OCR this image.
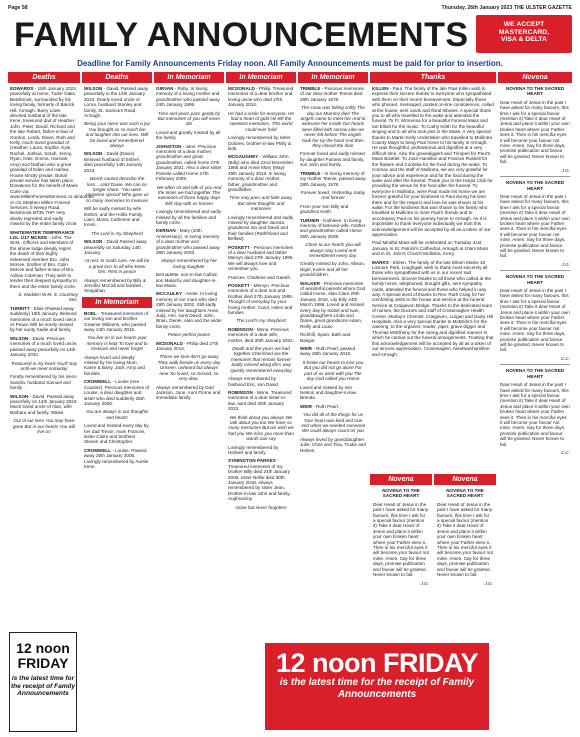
Page 58	Thursday, 26th January 2023 THE ULSTER GAZETTE
FAMILY ANNOUNCEMENTS	WE ACCEPT
MASTERCARD,
VISA & DELTA
Deadline for Family Announcements Friday noon. All Family Announcements must be paid for prior to insertion.
Deaths

EDWARDS - 15th January 2023, peacefully at home, Tudor Oaks, Bessbrook, surrounded by his loving family, formerly of Bairick Hill, Armagh. Barry Lowe devoted husband of the late Irene, treasured dad of Heather, John, Peter, David, Richard and the late Robert, father-in-law of Gordon, Linda, Diane, Ruth and Kelly, much loved grandad of (Heather, Laura, Sophie, Kyle, Rachel, Joshua, Sarah, Jenny, Ryan, Kate, Emma, Hannah, Amy) and Nathan also a great grandad of Eden and Harlow. House strictly private. Burial private service has taken place. Donations for the benefit of Marie Curie via: www.MillenFuneralServices.co.uk/donate or c/o Stephen Millen Funeral Services, 5 Newry Road, Bessbrook BT35 7HP. Very dearly regretted and sadly missed by the entire family circle.

WHITEWATER TEMPERANCE LOL 1/17 MCKEE - John. The W.M., Officers and Members of the above lodge deeply regret the death of their highly esteemed member Bro. John McKee, brother of Bro. Colin McKee and father-in-law of Bro. Adrian Coleman. They wish to tender their deepest sympathy to them and the entire family circle.

S. Madden W.M. S. Courtney Sec.

TURBITT - Elsie (Passed away suddenly) 16th January. Beloved memories of a much loved niece. At Peace Will be sorely missed by her aunty Sadie and family.

WILSON - Davie. Precious memories of a much loved uncle, passed away peacefully on 14th January 2023.

Treasured in my heart You'll stay until we meet someday

Fondly remembered by his niece Sandra, husband Samuel and family.

WILSON - David. Passed away peacefully on 14th January 2023. Much loved uncle of Alan, wife Barbara and family, Wales.

Out of our lives You may have gone But in our hearts You will live on

12 noon FRIDAY
is the latest time for the receipt of Family Announcements
Deaths

WILSON - David. Passed away peacefully in the 14th January 2023. Dearly loved uncle of Lorna, husband Stanley and family, St. Saviours Road, Armagh.

Being your niece was such a joy You brought us so much fun and laughter into our lives. Will be loved and remembered always

WILSON - David (Davie) Beloved husband of Esther, died peacefully 14th January 2023.

Words cannot describe the loss... Until Davie, We can no longer share. 'You were someone special' Who gave us so many memories to treasure

Will be sadly missed by wife Esther, and the Hollis Family, Liam, Moira, Catherine and Kevin.

The Lord is my Shepherd

WILSON - David Passed away peacefully on Saturday 14th January.

At rest. In Gods care. He will be a great loss to all who knew him. Rest in peace

Always remembered by Billy & Jennifer McCall and families, Seagahan.

In Memoriam

BOEL - Treasured memories of our loving son and brother Graeme Williams, who passed away 24th January 2015.

You live on in our hearts your memory is kept To love and to treasure and never forget

Always loved and deeply missed by his loving Mum, Karen & Barry, Jack, Amy and families.

CROMWELL - Louise (nee Cousins). Precious memories of Louise, a dear daughter and sister who died suddenly 25th January 2006.

You are always in our thoughts and hearts

Loved and missed every day by her dad Trevor, mum Frances, sister Claire and brothers Steven and Christopher.

CROMWELL - Louise. Passed away 25th January 2006. Lovingly remembered by Auntie Irene.

In Memoriam

GIRVAN - Ruby. In loving memory of a loving mother and grandmother who passed away 24th January 1995.

Time and years pass gently by But memories of you will never die

Loved and greatly missed by all the family.

JOHNSTON - Jane. Precious memories of a dear mother, grandmother and great grandmother, called home 27th January 2021. Also a dear sister Pamela called Home 27th February 2009.

We often sit and talk of you And the times we had together The memories of those happy days Will stay with us forever

Lovingly remembered and sadly missed by all the families and family circle.

KERNAN - Mary (20th Anniversary). In loving memory of a dear mother and grandmother who passed away 29th January 2003.

Always remembered by her loving daughter

Bernadette, son-in-law Cathal, son Malachy and daughter-in-law Maria.

MCCAULEY - Annie. In loving memory of our mum who died 29th January 2002. Still sadly missed by her daughters Anne, Judy, Ann, sons David, John, Brian, Derek, Alan and the wider family circle.

Peace perfect peace

MCDONALD - Philip died 27th January 2014.

Those we love don't go away They walk beside us every day Unseen, unheard but always near So loved, so missed, so very dear.

Always remembered by Dad Jackson, June, Aunt Florrie and immediate family.

In Memoriam

MCDONALD - Philip. Treasured memories of a dear brother and loving uncle who died 27th January 2014.

He had a smile for everyone, He had a heart of gold He left the sweetest memories, This world could ever hold

Lovingly remembered by sister Dolores, brother-in-law Philly & kids.

MCGAUGHEY - William John (Billy) who died 22nd December 1988 and Annie Mary (May) 29th January 2018. In loving memory of a dear mother, father, grandmother and grandfather.

Time may pass and fade away, But silent thoughts and memories

Lovingly remembered and sadly missed by daughter Jacinta, grandsons Ian and David and their families (Rathfriland and Belfast).

POSKETT - Precious memories of a dear husband and father Mervyn died 27th January 1995. We will always love and remember you.

Frances, Charlene and Gareth.

POSKETT - Mervyn. Precious memories of a dear son and brother died 27th January 1995. Thought of everyday by your loving mother, Carol, Helen and families.

The Lord's my shepherd

ROBINSON - Mona. Precious memories of a dear wife, mother, died 30th January 2022.

Death and the years we had together Cherished are the memories that remain forever Sadly missed along life's way Quietly remembered everyday

Always remembered by husband Eric, son David.

ROBINSON - Mona. Treasured memories of a dear sister-in-law, aunt died 30th January 2022.

We think about you always We talk about you too We have so many memories But we wish we had you We miss you more than words can say

Lovingly remembered by Herbert and family.

SYMINGTON PARKES - Treasured memories of my brother Billy died 24th January 2008, sister Nellie died 30th January 2018. Always remembered by sister Jean, brother-in-law John and family, Aughnacloy.

Gone but never forgotten

In Memoriam

TRIMBLE - Precious memories of our dear mother Teenie died 28th January 1978.

The snow was falling softly The day our Mummy died The angels came to meet her And to welcome her inside Our hearts were filled with sorrow Like we never felt before The angels took her by the hand And then they closed the door

Forever loved and sadly missed by daughter Pamela and family, son John and family.

TRIMBLE - In loving memory of my mother Teenie, passed away 28th January 1978.

Forever loved, Yesterday, today And forever

From your son Billy and grandson Keith.

TURNER - Kathleen. In loving memory of beloved wife, mother and grandmother called Home 25th January 2008.

Close to our hearts you will always stay Loved and remembered every day.

Greatly missed by John, Allison, Nigel, Karen and all her grandchildren.

WALKER - Precious memories of wonderful parents whom God called Home, Alan Clare 29th January 2016, Lily Billy 24th March 1996. Loved and missed every day by Isobel and Ivan, granddaughters Linda and Diane, great grandsons Adam, Reilly and Louie.

Richhill, Spain, Bath and Bangor.

WEIR - Ruth Pearl, passed away 25th January 2016.

It broke our hearts to lose you But you did not go alone For part of us went with you The day God called you Home

Loved and missed by son Nelson and daughter-in-law Brenda.

WEIR - Ruth Pearl.

You did all of the things for us Your heart was kind and true And when we needed someone We could always count on you

Always loved by granddaughter Julie, Chris and Tina, Trudie and Nelson.

Thanks

KILLEN - Paul. The family of the late Paul Killen wish to express their sincere thanks to everyone who sympathised with them on their recent bereavement. Especially those who phoned, messaged, posted on-line condolences, called at the house, sent cards and floral tributes. A special thank you to all who travelled to the wake and attended the funeral. To Fr. McKenna for a beautiful Funeral Mass and Ian Elliott for the music. To Cathy Keith for the beautiful singing and to all who took part in the Mass. A very special thanks to Martin Kelly Undertaker who travelled to Mullintra County Mayo to bring Paul home to his family in Armagh. He was thoughtful, professional and dignified at a very difficult time. Also the gravediggers and Trimperl for Paul's Mass Booklet. To Joan Hamilton and Frances Russell for the flowers and Cordelia for the food during the wake. To Cormac and the staff of Mullintra, we are very grateful for your advice and experience and for the food during the wake and after the funeral. Thank you to the Harps Club for providing the venue for the food after the funeral. To everyone in Mullintra, were Paul made his home we are forever grateful for your kindness to Paul during his time there and for the respect and love he was shown at his wake. For the kindness that was shown to his family who travelled to Mullintra to meet Paul's friends and to accompany Paul on his journey home to Armagh. As it is impossible to thank everyone individually we trust this acknowledgement will be accepted by all as a token of our appreciation.

Paul Mindful Mass will be celebrated on Tuesday 31st January in St. Patrick's Cathedral, Armagh at 10am Mass and in St. John's Church Mullintra, Kerry.

MARKS - Eileen. The family of the late Eileen Marks 18 Lismore Park, Loughgall, wish to thank most sincerely all those who sympathised with us in our recent sad bereavement. Sincere thanks to all those who called at the family home, telephoned, brought gifts, sent sympathy cards, attended the funeral and those who helped in any way. A special word of thanks to Rev. Ruth Craig for her comforting visits to the house and service at the funeral Service at Craigavon Bridge. Thanks to the dedicated team of nurses, the Doctors and staff of Crossmaglen Health Centre, Marlay's Chemist, Craigavon, Lurgan and Daisy Hill Hospitals. Also a very special thanks to McBride's for the catering, to the organist, reader, piper, grave digger and Thomas McElheny for the caring and dignified manner in which he carried out the funeral arrangements. Trusting that this acknowledgement will be accepted by all as a token of our sincere appreciation. Crossmaglen, Newtownhamilton and Armagh.

Novena

NOVENA TO THE SACRED HEART

Dear Heart of Jesus in the past I have asked for many favours, this time I ask for a special favour (mention it) Take it dear Heart of Jesus and place it within your own broken heart where your Father sees it. Then in his merciful eyes it will become your favour not mine. Amen. Say for three days, promise publication and favour will be granted. Never known to fail.

J.G.

Novena

NOVENA TO THE SACRED HEART

Dear Heart of Jesus in the past I have asked for many favours, this time I ask for a special favour (mention it) Take it dear Heart of Jesus and place it within your own broken heart where your Father sees it. Then in his merciful eyes it will become your favour not mine. Amen. Say for three days, promise publication and favour will be granted. Never known to fail.

J.G.

12 noon FRIDAY
is the latest time for the receipt of Family Announcements
Novena

NOVENA TO THE SACRED HEART

Dear Heart of Jesus in the past I have asked for many favours, this time I ask for a special favour (mention it) Take it dear Heart of Jesus and place it within your own broken heart where your Father sees it. Then in his merciful eyes it will become your favour not mine. Amen. Say for three days, promise publication and favour will be granted. Never known to fail.

J.G.

NOVENA TO THE SACRED HEART

Dear Heart of Jesus in the past I have asked for many favours, this time I ask for a special favour (mention it) Take it dear Heart of Jesus and place it within your own broken heart where your Father sees it. Then in his merciful eyes it will become your favour not mine. Amen. Say for three days, promise publication and favour will be granted. Never known to fail.

J.G.

NOVENA TO THE SACRED HEART

Dear Heart of Jesus in the past I have asked for many favours, this time I ask for a special favour (mention it) Take it dear Heart of Jesus and place it within your own broken heart where your Father sees it. Then in his merciful eyes it will become your favour not mine. Amen. Say for three days, promise publication and favour will be granted. Never known to fail.

C.C.

NOVENA TO THE SACRED HEART

Dear Heart of Jesus in the past I have asked for many favours, this time I ask for a special favour (mention it) Take it dear Heart of Jesus and place it within your own broken heart where your Father sees it. Then in his merciful eyes it will become your favour not mine. Amen. Say for three days, promise publication and favour will be granted. Never known to fail.

C.C.
